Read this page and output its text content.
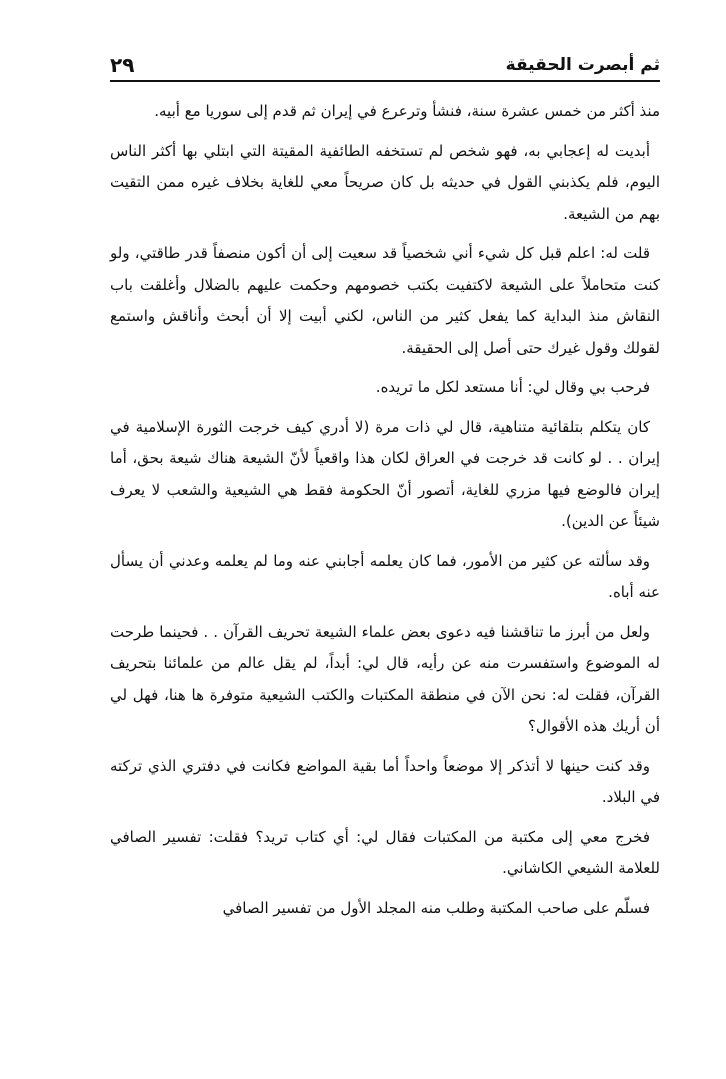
ثم أبصرت الحقيقة
٢٩

منذ أكثر من خمس عشرة سنة، فنشأ وترعرع في إيران ثم قدم إلى سوريا مع أبيه.

أبديت له إعجابي به، فهو شخص لم تستخفه الطائفية المقيتة التي ابتلي بها أكثر الناس اليوم، فلم يكذبني القول في حديثه بل كان صريحاً معي للغاية بخلاف غيره ممن التقيت بهم من الشيعة.

قلت له: اعلم قبل كل شيء أني شخصياً قد سعيت إلى أن أكون منصفاً قدر طاقتي، ولو كنت متحاملاً على الشيعة لاكتفيت بكتب خصومهم وحكمت عليهم بالضلال وأغلقت باب النقاش منذ البداية كما يفعل كثير من الناس، لكني أبيت إلا أن أبحث وأناقش واستمع لقولك وقول غيرك حتى أصل إلى الحقيقة.

فرحب بي وقال لي: أنا مستعد لكل ما تريده.

كان يتكلم بتلقائية متناهية، قال لي ذات مرة (لا أدري كيف خرجت الثورة الإسلامية في إيران . . لو كانت قد خرجت في العراق لكان هذا واقعياً لأنّ الشيعة هناك شيعة بحق، أما إيران فالوضع فيها مزري للغاية، أتصور أنّ الحكومة فقط هي الشيعية والشعب لا يعرف شيئاً عن الدين).

وقد سألته عن كثير من الأمور، فما كان يعلمه أجابني عنه وما لم يعلمه وعدني أن يسأل عنه أباه.

ولعل من أبرز ما تناقشنا فيه دعوى بعض علماء الشيعة تحريف القرآن . . فحينما طرحت له الموضوع واستفسرت منه عن رأيه، قال لي: أبداً، لم يقل عالم من علمائنا بتحريف القرآن، فقلت له: نحن الآن في منطقة المكتبات والكتب الشيعية متوفرة ها هنا، فهل لي أن أريك هذه الأقوال؟

وقد كنت حينها لا أتذكر إلا موضعاً واحداً أما بقية المواضع فكانت في دفتري الذي تركته في البلاد.

فخرج معي إلى مكتبة من المكتبات فقال لي: أي كتاب تريد؟ فقلت: تفسير الصافي للعلامة الشيعي الكاشاني.

فسلّم على صاحب المكتبة وطلب منه المجلد الأول من تفسير الصافي
